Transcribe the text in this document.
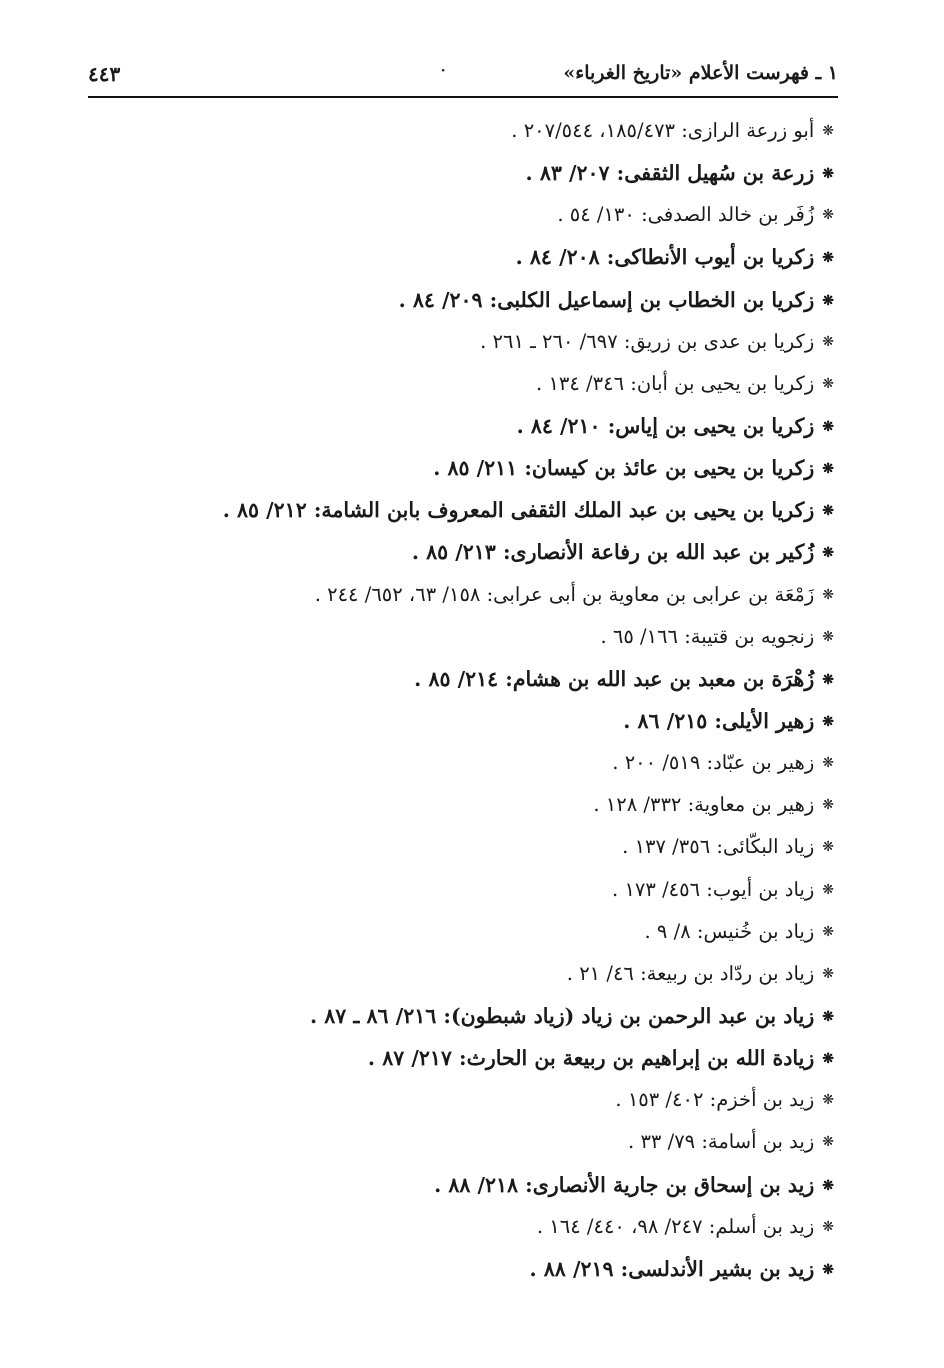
١ ـ فهرست الأعلام «تاريخ الغرباء»
·
٤٤٣
❋أبو زرعة الرازى: ١٨٥/٤٧٣، ٢٠٧/٥٤٤ .
❋زرعة بن سُهيل الثقفى: ٢٠٧/ ٨٣ .
❋زُفَر بن خالد الصدفى: ١٣٠/ ٥٤ .
❋زكريا بن أيوب الأنطاكى: ٢٠٨/ ٨٤ .
❋زكريا بن الخطاب بن إسماعيل الكلبى: ٢٠٩/ ٨٤ .
❋زكريا بن عدى بن زريق: ٦٩٧/ ٢٦٠ ـ ٢٦١ .
❋زكريا بن يحيى بن أبان: ٣٤٦/ ١٣٤ .
❋زكريا بن يحيى بن إياس: ٢١٠/ ٨٤ .
❋زكريا بن يحيى بن عائذ بن كيسان: ٢١١/ ٨٥ .
❋زكريا بن يحيى بن عبد الملك الثقفى المعروف بابن الشامة: ٢١٢/ ٨٥ .
❋زُكير بن عبد الله بن رفاعة الأنصارى: ٢١٣/ ٨٥ .
❋زَمْعَة بن عرابى بن معاوية بن أبى عرابى: ١٥٨/ ٦٣، ٦٥٢/ ٢٤٤ .
❋زنجويه بن قتيبة: ١٦٦/ ٦٥ .
❋زُهْرَة بن معبد بن عبد الله بن هشام: ٢١٤/ ٨٥ .
❋زهير الأيلى: ٢١٥/ ٨٦ .
❋زهير بن عبّاد: ٥١٩/ ٢٠٠ .
❋زهير بن معاوية: ٣٣٢/ ١٢٨ .
❋زياد البكّائى: ٣٥٦/ ١٣٧ .
❋زياد بن أيوب: ٤٥٦/ ١٧٣ .
❋زياد بن خُنيس: ٨/ ٩ .
❋زياد بن ردّاد بن ربيعة: ٤٦/ ٢١ .
❋زياد بن عبد الرحمن بن زياد (زياد شبطون): ٢١٦/ ٨٦ ـ ٨٧ .
❋زيادة الله بن إبراهيم بن ربيعة بن الحارث: ٢١٧/ ٨٧ .
❋زيد بن أخزم: ٤٠٢/ ١٥٣ .
❋زيد بن أسامة: ٧٩/ ٣٣ .
❋زيد بن إسحاق بن جارية الأنصارى: ٢١٨/ ٨٨ .
❋زيد بن أسلم: ٢٤٧/ ٩٨، ٤٤٠/ ١٦٤ .
❋زيد بن بشير الأندلسى: ٢١٩/ ٨٨ .
